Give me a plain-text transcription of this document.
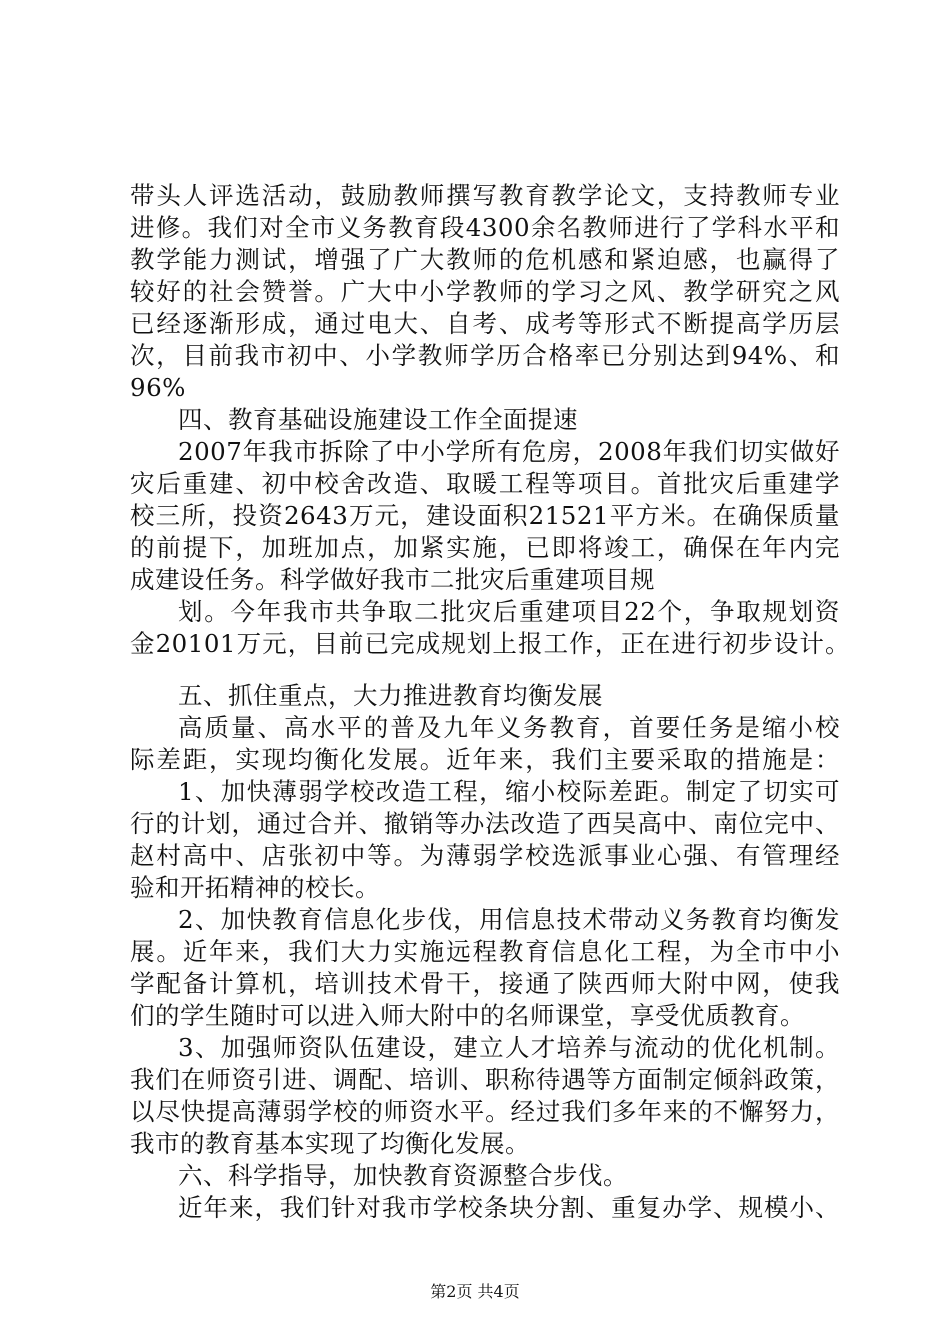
带头人评选活动，鼓励教师撰写教育教学论文，支持教师专业
进修。我们对全市义务教育段4300余名教师进行了学科水平和
教学能力测试，增强了广大教师的危机感和紧迫感，也赢得了
较好的社会赞誉。广大中小学教师的学习之风、教学研究之风
已经逐渐形成，通过电大、自考、成考等形式不断提高学历层
次，目前我市初中、小学教师学历合格率已分别达到94%、和
96%
四、教育基础设施建设工作全面提速
2007年我市拆除了中小学所有危房，2008年我们切实做好
灾后重建、初中校舍改造、取暖工程等项目。首批灾后重建学
校三所，投资2643万元，建设面积21521平方米。在确保质量
的前提下，加班加点，加紧实施，已即将竣工，确保在年内完
成建设任务。科学做好我市二批灾后重建项目规
划。今年我市共争取二批灾后重建项目22个，争取规划资
金20101万元，目前已完成规划上报工作，正在进行初步设计。
五、抓住重点，大力推进教育均衡发展
高质量、高水平的普及九年义务教育，首要任务是缩小校
际差距，实现均衡化发展。近年来，我们主要采取的措施是：
1、加快薄弱学校改造工程，缩小校际差距。制定了切实可
行的计划，通过合并、撤销等办法改造了西吴高中、南位完中、
赵村高中、店张初中等。为薄弱学校选派事业心强、有管理经
验和开拓精神的校长。
2、加快教育信息化步伐，用信息技术带动义务教育均衡发
展。近年来，我们大力实施远程教育信息化工程，为全市中小
学配备计算机，培训技术骨干，接通了陕西师大附中网，使我
们的学生随时可以进入师大附中的名师课堂，享受优质教育。
3、加强师资队伍建设，建立人才培养与流动的优化机制。
我们在师资引进、调配、培训、职称待遇等方面制定倾斜政策，
以尽快提高薄弱学校的师资水平。经过我们多年来的不懈努力，
我市的教育基本实现了均衡化发展。
六、科学指导，加快教育资源整合步伐。
近年来，我们针对我市学校条块分割、重复办学、规模小、
第2页 共4页
